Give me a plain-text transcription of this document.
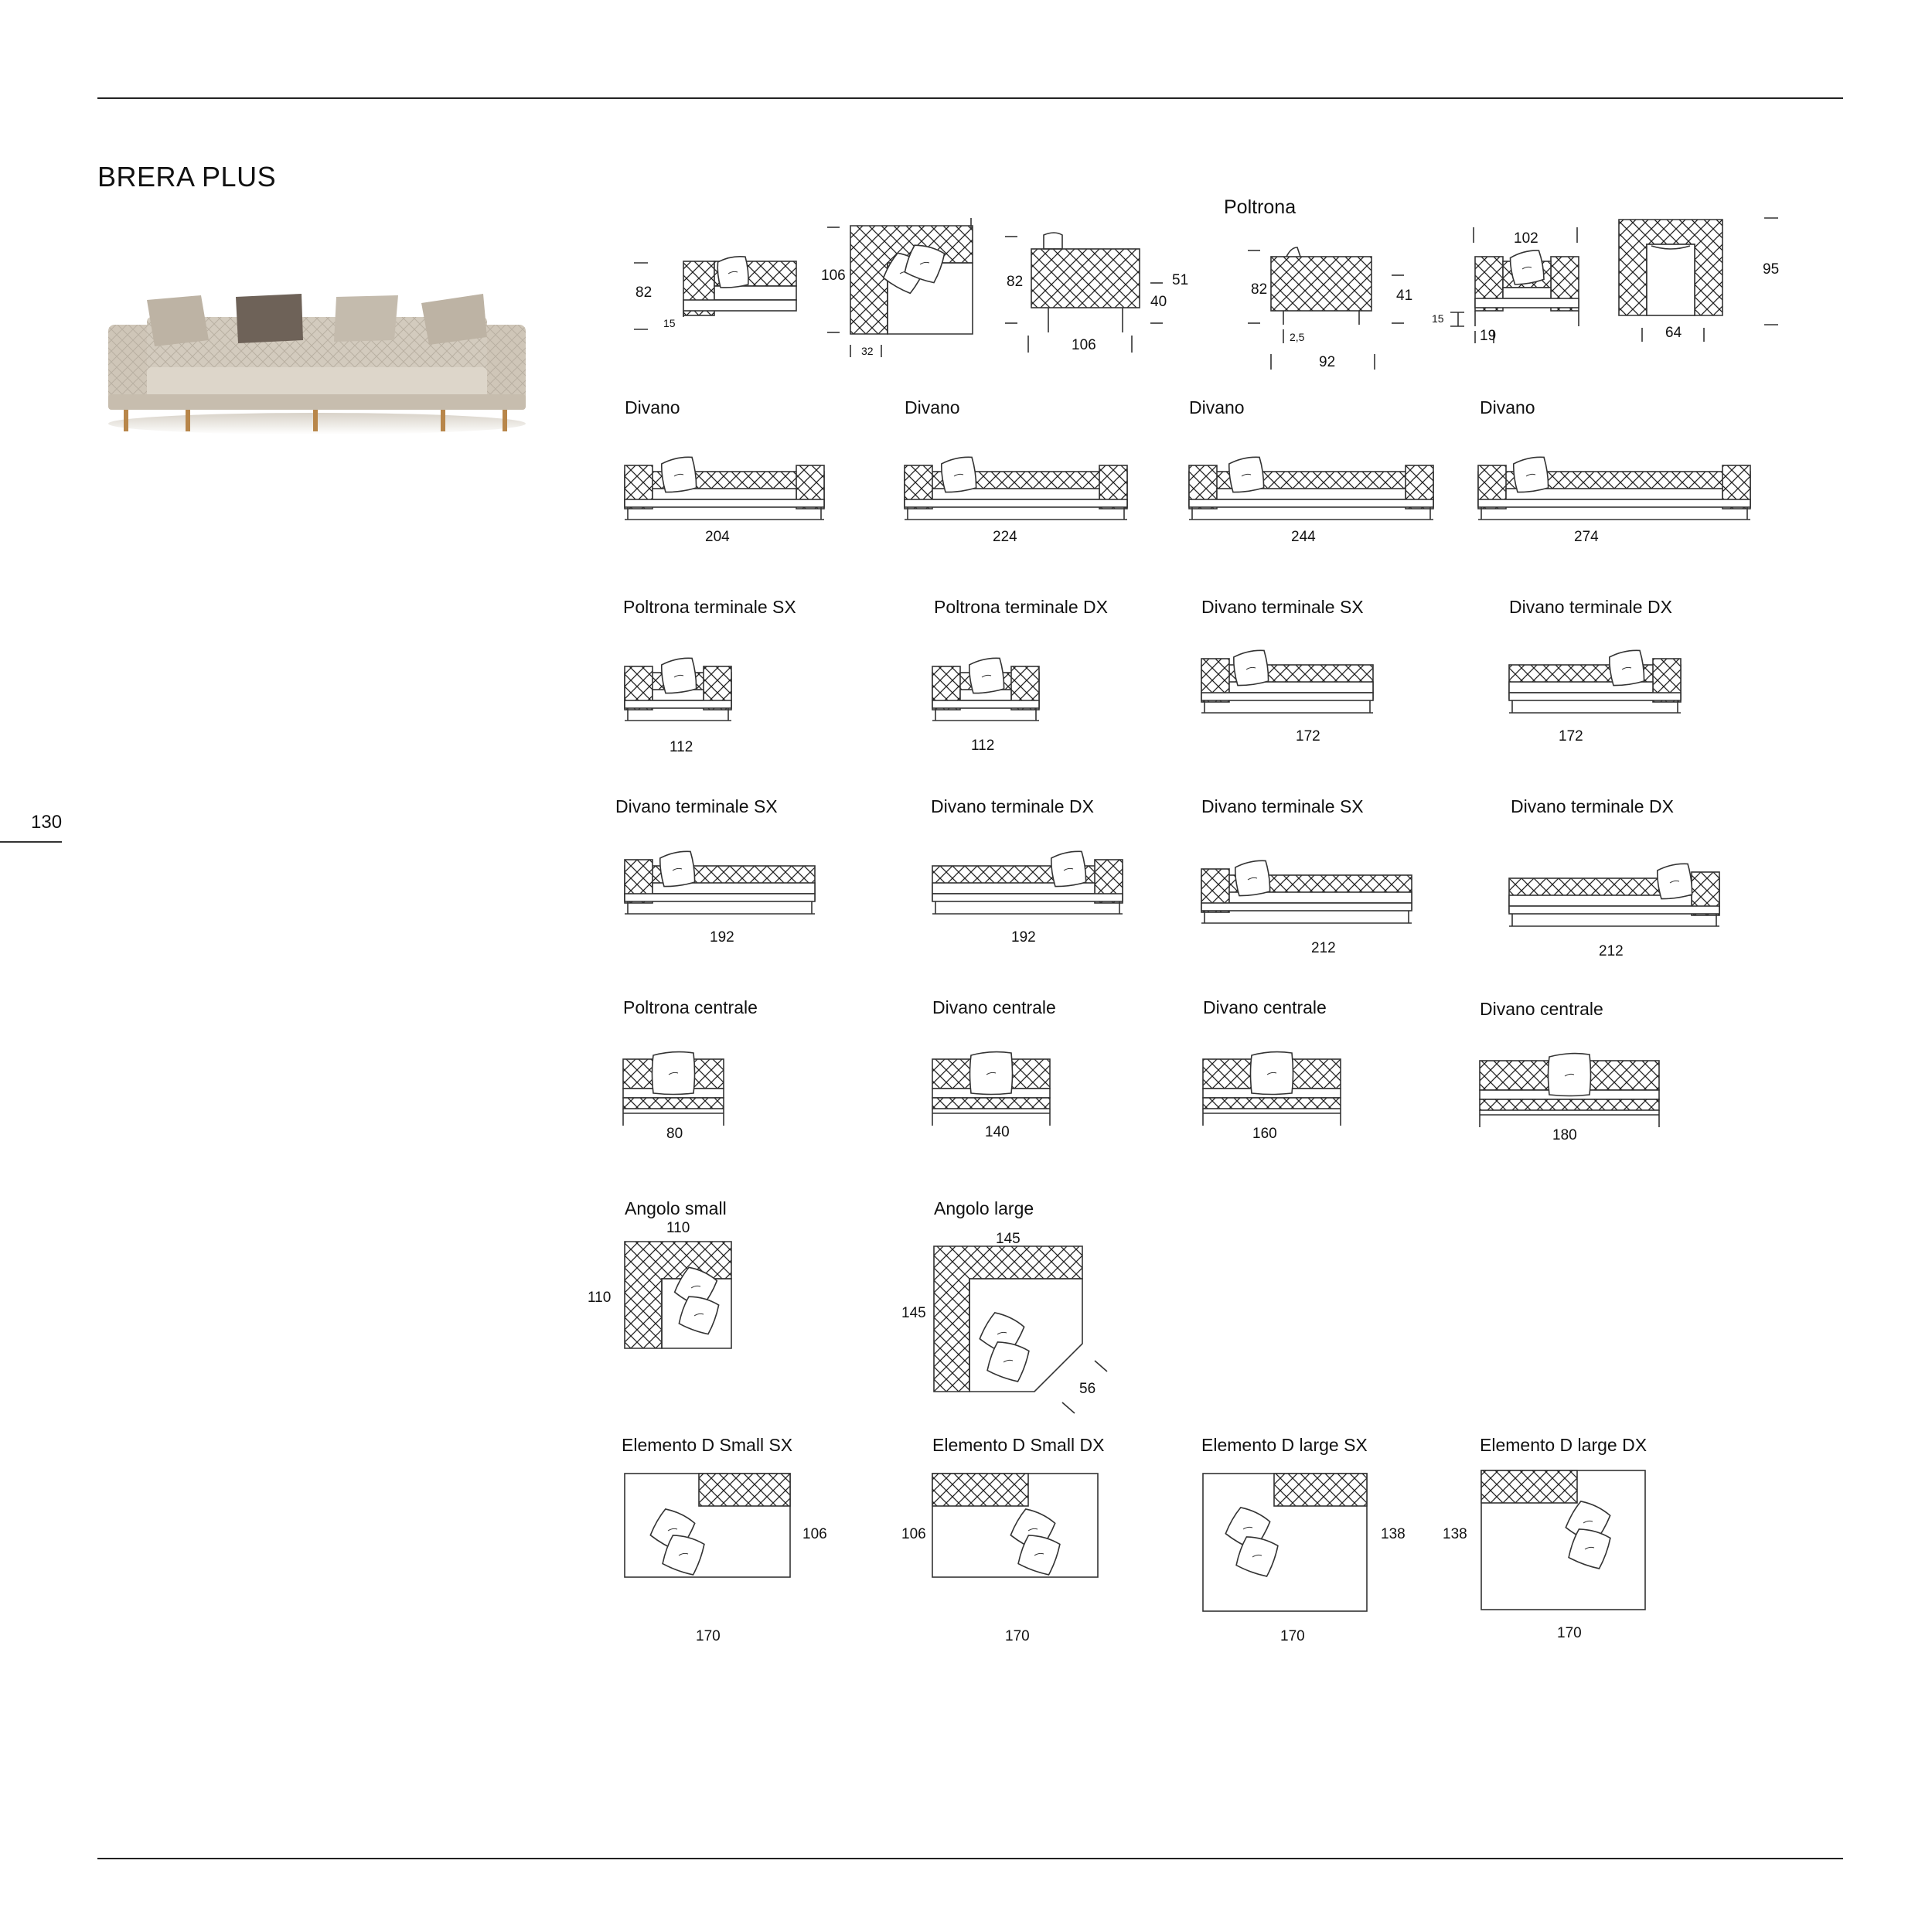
BRERA PLUS
130
Poltrona
82
15
106
32
82	51
40
106
82	41
2,5
92
102
15
19
95
64
Divano	Divano	Divano	Divano
204	224	244	274
Poltrona terminale SX	Poltrona terminale DX	Divano terminale SX	Divano terminale DX
112	112
172	172
Divano terminale SX	Divano terminale DX	Divano terminale SX	Divano terminale DX
192	192
212	212
Poltrona centrale	Divano centrale	Divano centrale	Divano centrale
80	140	160	180
Angolo small
110
110
Angolo large
145
145
56
Elemento D Small SX	Elemento D Small DX	Elemento D large SX	Elemento D large DX
106	106	138	138
170	170	170	170
